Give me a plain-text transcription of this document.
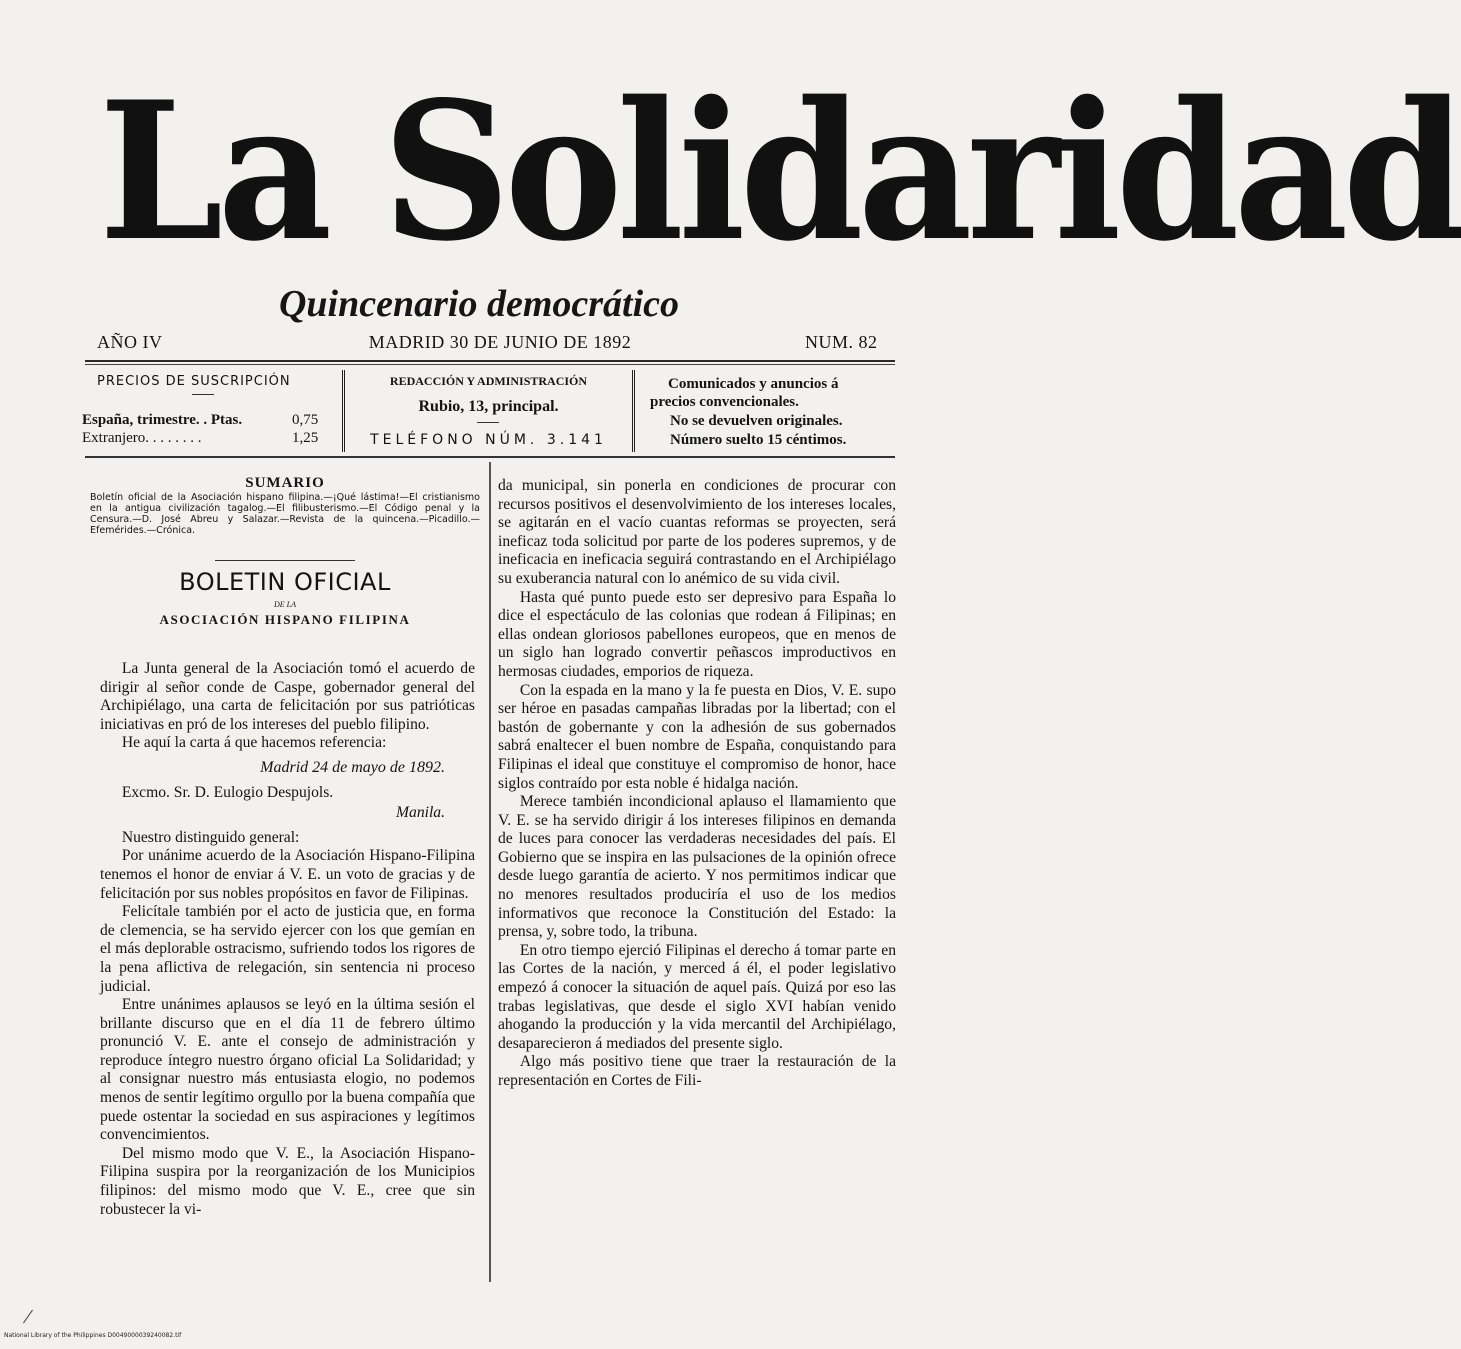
La Solidaridad
Quincenario democrático
AÑO IV	MADRID 30 DE JUNIO DE 1892	NUM. 82
PRECIOS DE SUSCRIPCIÓN
España, trimestre. . Ptas.	0,75
Extranjero. . . . . . . .	1,25
REDACCIÓN Y ADMINISTRACIÓN
Rubio, 13, principal.
TELÉFONO NÚM. 3.141
Comunicados y anuncios á
precios convencionales.
No se devuelven originales.
Número suelto 15 céntimos.
SUMARIO
Boletín oficial de la Asociación hispano filipina.—¡Qué lástima!—El cristianismo en la antigua civilización tagalog.—El filibusterismo.—El Código penal y la Censura.—D. José Abreu y Salazar.—Revista de la quincena.—Picadillo.—Efemérides.—Crónica.
BOLETIN OFICIAL
DE LA
ASOCIACIÓN HISPANO FILIPINA

La Junta general de la Asociación tomó el acuerdo de dirigir al señor conde de Caspe, gobernador general del Archipiélago, una carta de felicitación por sus patrióticas iniciativas en pró de los intereses del pueblo filipino.

He aquí la carta á que hacemos referencia:

Madrid 24 de mayo de 1892.

Excmo. Sr. D. Eulogio Despujols.

Manila.

Nuestro distinguido general:

Por unánime acuerdo de la Asociación Hispano-Filipina tenemos el honor de enviar á V. E. un voto de gracias y de felicitación por sus nobles propósitos en favor de Filipinas.

Felicítale también por el acto de justicia que, en forma de clemencia, se ha servido ejercer con los que gemían en el más deplorable ostracismo, sufriendo todos los rigores de la pena aflictiva de relegación, sin sentencia ni proceso judicial.

Entre unánimes aplausos se leyó en la última sesión el brillante discurso que en el día 11 de febrero último pronunció V. E. ante el consejo de administración y reproduce íntegro nuestro órgano oficial La Solidaridad; y al consignar nuestro más entusiasta elogio, no podemos menos de sentir legítimo orgullo por la buena compañía que puede ostentar la sociedad en sus aspiraciones y legítimos convencimientos.

Del mismo modo que V. E., la Asociación Hispano-Filipina suspira por la reorganización de los Municipios filipinos: del mismo modo que V. E., cree que sin robustecer la vi-

da municipal, sin ponerla en condiciones de procurar con recursos positivos el desenvolvimiento de los intereses locales, se agitarán en el vacío cuantas reformas se proyecten, será ineficaz toda solicitud por parte de los poderes supremos, y de ineficacia en ineficacia seguirá contrastando en el Archipiélago su exuberancia natural con lo anémico de su vida civil.

Hasta qué punto puede esto ser depresivo para España lo dice el espectáculo de las colonias que rodean á Filipinas; en ellas ondean gloriosos pabellones europeos, que en menos de un siglo han logrado convertir peñascos improductivos en hermosas ciudades, emporios de riqueza.

Con la espada en la mano y la fe puesta en Dios, V. E. supo ser héroe en pasadas campañas libradas por la libertad; con el bastón de gobernante y con la adhesión de sus gobernados sabrá enaltecer el buen nombre de España, conquistando para Filipinas el ideal que constituye el compromiso de honor, hace siglos contraído por esta noble é hidalga nación.

Merece también incondicional aplauso el llamamiento que V. E. se ha servido dirigir á los intereses filipinos en demanda de luces para conocer las verdaderas necesidades del país. El Gobierno que se inspira en las pulsaciones de la opinión ofrece desde luego garantía de acierto. Y nos permitimos indicar que no menores resultados produciría el uso de los medios informativos que reconoce la Constitución del Estado: la prensa, y, sobre todo, la tribuna.

En otro tiempo ejerció Filipinas el derecho á tomar parte en las Cortes de la nación, y merced á él, el poder legislativo empezó á conocer la situación de aquel país. Quizá por eso las trabas legislativas, que desde el siglo XVI habían venido ahogando la producción y la vida mercantil del Archipiélago, desaparecieron á mediados del presente siglo.

Algo más positivo tiene que traer la restauración de la representación en Cortes de Fili-

National Library of the Philippines D0049000039240082.tif
